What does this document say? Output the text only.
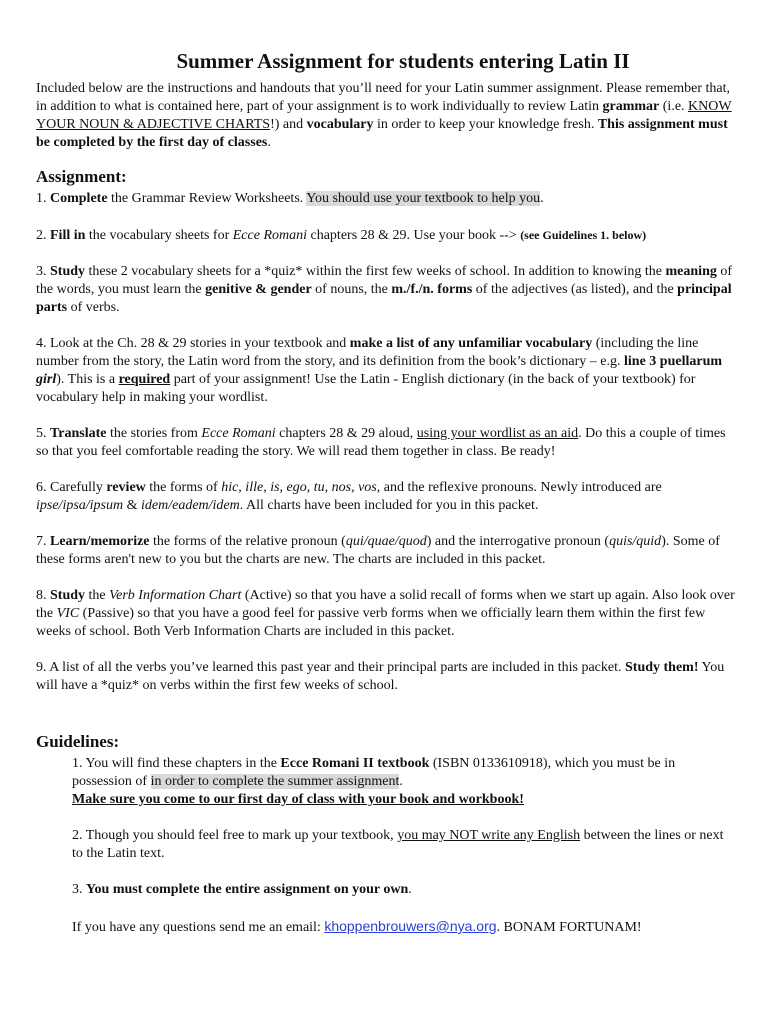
Summer Assignment for students entering Latin II

Included below are the instructions and handouts that you’ll need for your Latin summer assignment. Please remember that, in addition to what is contained here, part of your assignment is to work individually to review Latin grammar (i.e. KNOW YOUR NOUN & ADJECTIVE CHARTS!) and vocabulary in order to keep your knowledge fresh. This assignment must be completed by the first day of classes.

Assignment:

1. Complete the Grammar Review Worksheets. You should use your textbook to help you.

2. Fill in the vocabulary sheets for Ecce Romani chapters 28 & 29. Use your book --> (see Guidelines 1. below)

3. Study these 2 vocabulary sheets for a *quiz* within the first few weeks of school. In addition to knowing the meaning of the words, you must learn the genitive & gender of nouns, the m./f./n. forms of the adjectives (as listed), and the principal parts of verbs.

4. Look at the Ch. 28 & 29 stories in your textbook and make a list of any unfamiliar vocabulary (including the line number from the story, the Latin word from the story, and its definition from the book’s dictionary – e.g. line 3 puellarum girl). This is a required part of your assignment! Use the Latin - English dictionary (in the back of your textbook) for vocabulary help in making your wordlist.

5. Translate the stories from Ecce Romani chapters 28 & 29 aloud, using your wordlist as an aid. Do this a couple of times so that you feel comfortable reading the story. We will read them together in class. Be ready!

6. Carefully review the forms of hic, ille, is, ego, tu, nos, vos, and the reflexive pronouns. Newly introduced are ipse/ipsa/ipsum & idem/eadem/idem. All charts have been included for you in this packet.

7. Learn/memorize the forms of the relative pronoun (qui/quae/quod) and the interrogative pronoun (quis/quid). Some of these forms aren't new to you but the charts are new. The charts are included in this packet.

8. Study the Verb Information Chart (Active) so that you have a solid recall of forms when we start up again. Also look over the VIC (Passive) so that you have a good feel for passive verb forms when we officially learn them within the first few weeks of school. Both Verb Information Charts are included in this packet.

9. A list of all the verbs you’ve learned this past year and their principal parts are included in this packet. Study them! You will have a *quiz* on verbs within the first few weeks of school.

Guidelines:

1. You will find these chapters in the Ecce Romani II textbook (ISBN 0133610918), which you must be in possession of in order to complete the summer assignment.
Make sure you come to our first day of class with your book and workbook!

2. Though you should feel free to mark up your textbook, you may NOT write any English between the lines or next to the Latin text.

3. You must complete the entire assignment on your own.

If you have any questions send me an email: khoppenbrouwers@nya.org. BONAM FORTUNAM!
